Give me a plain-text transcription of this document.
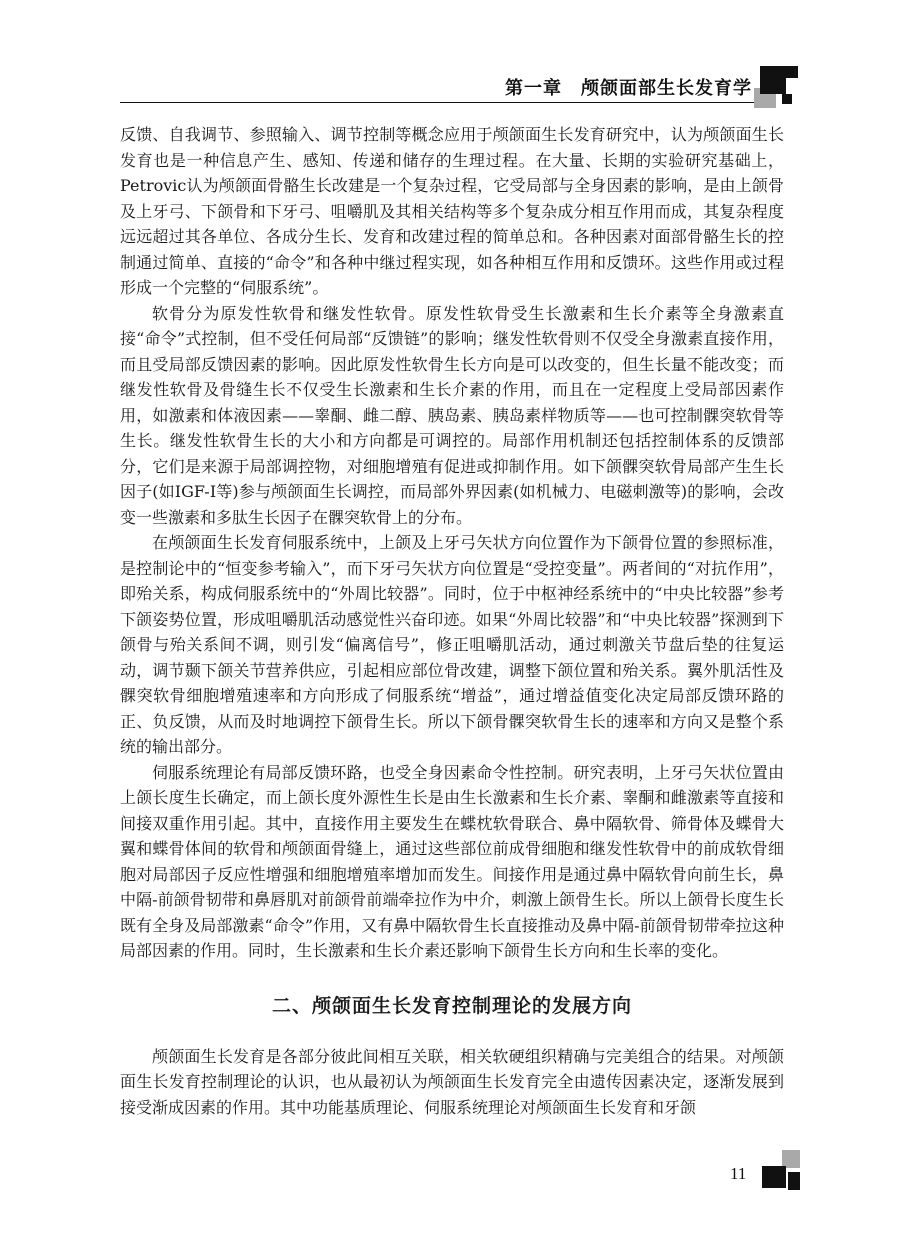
第一章　颅颌面部生长发育学

反馈、自我调节、参照输入、调节控制等概念应用于颅颌面生长发育研究中，认为颅颌面生长发育也是一种信息产生、感知、传递和储存的生理过程。在大量、长期的实验研究基础上，Petrovic认为颅颌面骨骼生长改建是一个复杂过程，它受局部与全身因素的影响，是由上颌骨及上牙弓、下颌骨和下牙弓、咀嚼肌及其相关结构等多个复杂成分相互作用而成，其复杂程度远远超过其各单位、各成分生长、发育和改建过程的简单总和。各种因素对面部骨骼生长的控制通过简单、直接的“命令”和各种中继过程实现，如各种相互作用和反馈环。这些作用或过程形成一个完整的“伺服系统”。

软骨分为原发性软骨和继发性软骨。原发性软骨受生长激素和生长介素等全身激素直接“命令”式控制，但不受任何局部“反馈链”的影响；继发性软骨则不仅受全身激素直接作用，而且受局部反馈因素的影响。因此原发性软骨生长方向是可以改变的，但生长量不能改变；而继发性软骨及骨缝生长不仅受生长激素和生长介素的作用，而且在一定程度上受局部因素作用，如激素和体液因素——睾酮、雌二醇、胰岛素、胰岛素样物质等——也可控制髁突软骨等生长。继发性软骨生长的大小和方向都是可调控的。局部作用机制还包括控制体系的反馈部分，它们是来源于局部调控物，对细胞增殖有促进或抑制作用。如下颌髁突软骨局部产生生长因子(如IGF-Ⅰ等)参与颅颌面生长调控，而局部外界因素(如机械力、电磁刺激等)的影响，会改变一些激素和多肽生长因子在髁突软骨上的分布。

在颅颌面生长发育伺服系统中，上颌及上牙弓矢状方向位置作为下颌骨位置的参照标准，是控制论中的“恒变参考输入”，而下牙弓矢状方向位置是“受控变量”。两者间的“对抗作用”，即殆关系，构成伺服系统中的“外周比较器”。同时，位于中枢神经系统中的“中央比较器”参考下颌姿势位置，形成咀嚼肌活动感觉性兴奋印迹。如果“外周比较器”和“中央比较器”探测到下颌骨与殆关系间不调，则引发“偏离信号”，修正咀嚼肌活动，通过刺激关节盘后垫的往复运动，调节颞下颌关节营养供应，引起相应部位骨改建，调整下颌位置和殆关系。翼外肌活性及髁突软骨细胞增殖速率和方向形成了伺服系统“增益”，通过增益值变化决定局部反馈环路的正、负反馈，从而及时地调控下颌骨生长。所以下颌骨髁突软骨生长的速率和方向又是整个系统的输出部分。

伺服系统理论有局部反馈环路，也受全身因素命令性控制。研究表明，上牙弓矢状位置由上颌长度生长确定，而上颌长度外源性生长是由生长激素和生长介素、睾酮和雌激素等直接和间接双重作用引起。其中，直接作用主要发生在蝶枕软骨联合、鼻中隔软骨、筛骨体及蝶骨大翼和蝶骨体间的软骨和颅颌面骨缝上，通过这些部位前成骨细胞和继发性软骨中的前成软骨细胞对局部因子反应性增强和细胞增殖率增加而发生。间接作用是通过鼻中隔软骨向前生长，鼻中隔-前颌骨韧带和鼻唇肌对前颌骨前端牵拉作为中介，刺激上颌骨生长。所以上颌骨长度生长既有全身及局部激素“命令”作用，又有鼻中隔软骨生长直接推动及鼻中隔-前颌骨韧带牵拉这种局部因素的作用。同时，生长激素和生长介素还影响下颌骨生长方向和生长率的变化。

二、颅颌面生长发育控制理论的发展方向

颅颌面生长发育是各部分彼此间相互关联，相关软硬组织精确与完美组合的结果。对颅颌面生长发育控制理论的认识，也从最初认为颅颌面生长发育完全由遗传因素决定，逐渐发展到接受渐成因素的作用。其中功能基质理论、伺服系统理论对颅颌面生长发育和牙颌

11
